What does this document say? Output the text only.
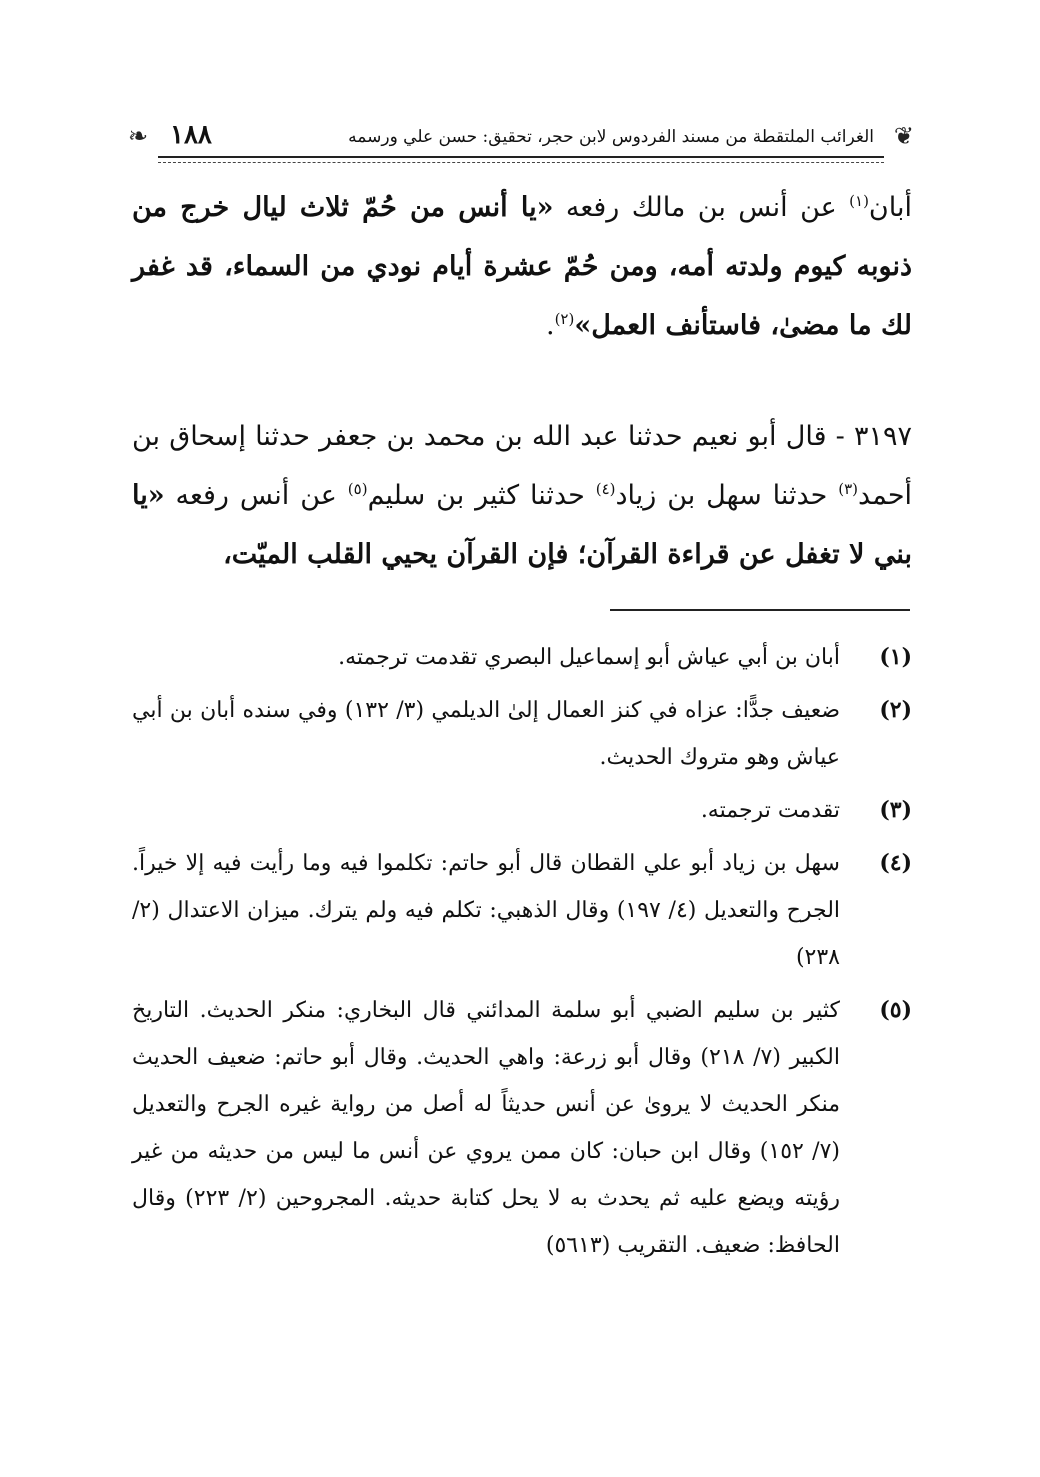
❦
الغرائب الملتقطة من مسند الفردوس لابن حجر، تحقيق: حسن علي ورسمه
١٨٨
❧
أبان$^{(١)}$ عن أنس بن مالك رفعه «يا أنس من حُمّ ثلاث ليال خرج من ذنوبه كيوم ولدته أمه، ومن حُمّ عشرة أيام نودي من السماء، قد غفر لك ما مضىٰ، فاستأنف العمل»$^{(٢)}$.
٣١٩٧ - قال أبو نعيم حدثنا عبد الله بن محمد بن جعفر حدثنا إسحاق بن أحمد$^{(٣)}$ حدثنا سهل بن زياد$^{(٤)}$ حدثنا كثير بن سليم$^{(٥)}$ عن أنس رفعه «يا بني لا تغفل عن قراءة القرآن؛ فإن القرآن يحيي القلب الميّت،
(١)
أبان بن أبي عياش أبو إسماعيل البصري تقدمت ترجمته.
(٢)
ضعيف جدًّا: عزاه في كنز العمال إلىٰ الديلمي (٣/ ١٣٢) وفي سنده أبان بن أبي عياش وهو متروك الحديث.
(٣)
تقدمت ترجمته.
(٤)
سهل بن زياد أبو علي القطان قال أبو حاتم: تكلموا فيه وما رأيت فيه إلا خيراً. الجرح والتعديل (٤/ ١٩٧) وقال الذهبي: تكلم فيه ولم يترك. ميزان الاعتدال (٢/ ٢٣٨)
(٥)
كثير بن سليم الضبي أبو سلمة المدائني قال البخاري: منكر الحديث. التاريخ الكبير (٧/ ٢١٨) وقال أبو زرعة: واهي الحديث. وقال أبو حاتم: ضعيف الحديث منكر الحديث لا يروىٰ عن أنس حديثاً له أصل من رواية غيره الجرح والتعديل (٧/ ١٥٢) وقال ابن حبان: كان ممن يروي عن أنس ما ليس من حديثه من غير رؤيته ويضع عليه ثم يحدث به لا يحل كتابة حديثه. المجروحين (٢/ ٢٢٣) وقال الحافظ: ضعيف. التقريب (٥٦١٣)
